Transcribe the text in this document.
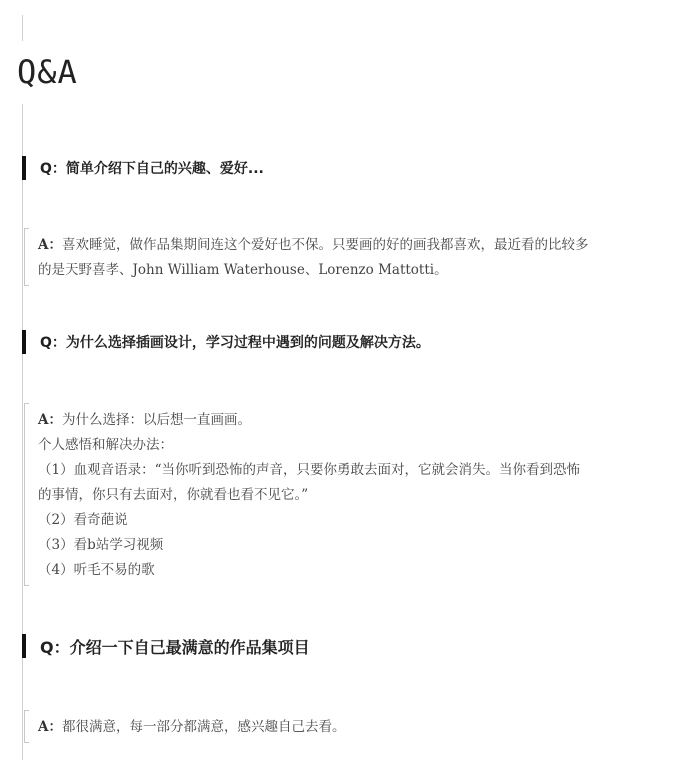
Q&A
Q：简单介绍下自己的兴趣、爱好...
A：喜欢睡觉，做作品集期间连这个爱好也不保。只要画的好的画我都喜欢，最近看的比较多
的是天野喜孝、John William Waterhouse、Lorenzo Mattotti。
Q：为什么选择插画设计，学习过程中遇到的问题及解决方法。
A：为什么选择：以后想一直画画。
个人感悟和解决办法：
（1）血观音语录：“当你听到恐怖的声音，只要你勇敢去面对，它就会消失。当你看到恐怖
的事情，你只有去面对，你就看也看不见它。”
（2）看奇葩说
（3）看b站学习视频
（4）听毛不易的歌
Q：介绍一下自己最满意的作品集项目
A：都很满意，每一部分都满意，感兴趣自己去看。
